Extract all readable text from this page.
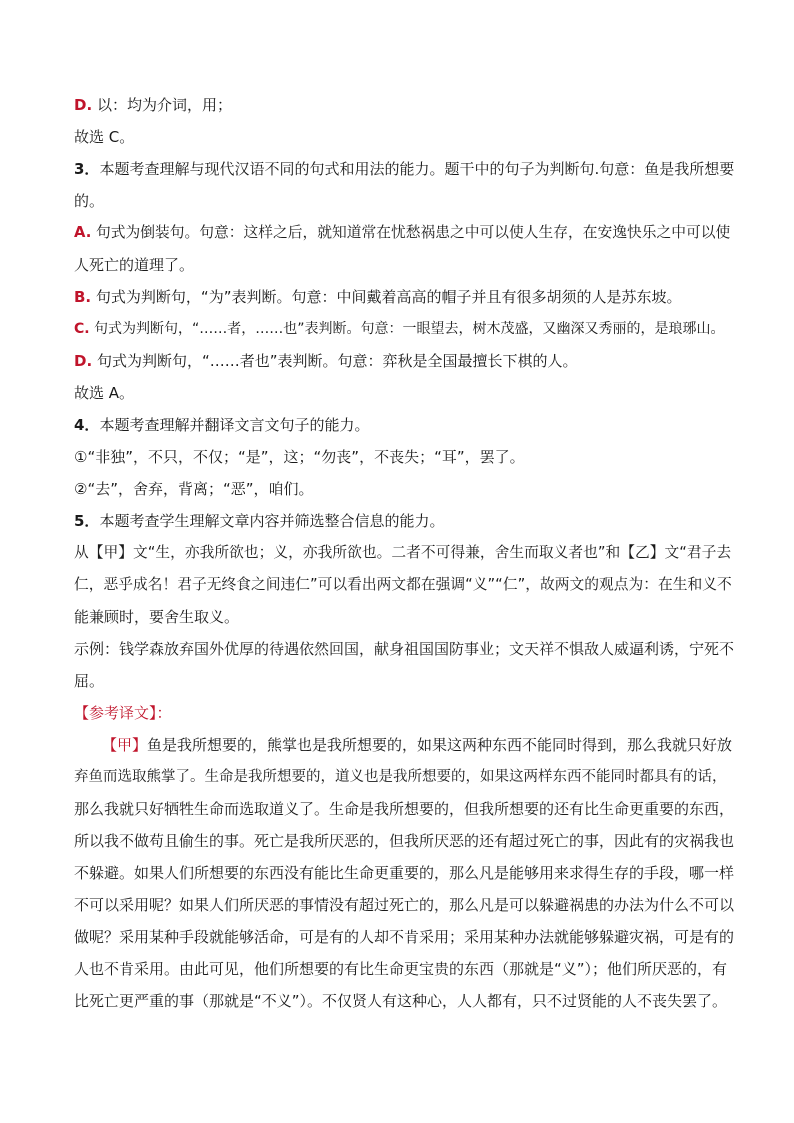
D. 以：均为介词，用；
故选 C。
3．本题考查理解与现代汉语不同的句式和用法的能力。题干中的句子为判断句.句意：鱼是我所想要
的。
A. 句式为倒装句。句意：这样之后，就知道常在忧愁祸患之中可以使人生存，在安逸快乐之中可以使
人死亡的道理了。
B. 句式为判断句，“为”表判断。句意：中间戴着高高的帽子并且有很多胡须的人是苏东坡。
C. 句式为判断句，“……者，……也”表判断。句意：一眼望去，树木茂盛，又幽深又秀丽的，是琅琊山。
D. 句式为判断句，“……者也”表判断。句意：弈秋是全国最擅长下棋的人。
故选 A。
4．本题考查理解并翻译文言文句子的能力。
①“非独”，不只，不仅；“是”，这；“勿丧”，不丧失；“耳”，罢了。
②“去”，舍弃，背离；“恶”，咱们。
5．本题考查学生理解文章内容并筛选整合信息的能力。
从【甲】文“生，亦我所欲也；义，亦我所欲也。二者不可得兼，舍生而取义者也”和【乙】文“君子去
仁，恶乎成名！君子无终食之间违仁”可以看出两文都在强调“义”“仁”，故两文的观点为：在生和义不
能兼顾时，要舍生取义。
示例：钱学森放弃国外优厚的待遇依然回国，献身祖国国防事业；文天祥不惧敌人威逼利诱，宁死不
屈。
【参考译文】：
【甲】鱼是我所想要的，熊掌也是我所想要的，如果这两种东西不能同时得到，那么我就只好放
弃鱼而选取熊掌了。生命是我所想要的，道义也是我所想要的，如果这两样东西不能同时都具有的话，
那么我就只好牺牲生命而选取道义了。生命是我所想要的，但我所想要的还有比生命更重要的东西，
所以我不做苟且偷生的事。死亡是我所厌恶的，但我所厌恶的还有超过死亡的事，因此有的灾祸我也
不躲避。如果人们所想要的东西没有能比生命更重要的，那么凡是能够用来求得生存的手段，哪一样
不可以采用呢？如果人们所厌恶的事情没有超过死亡的，那么凡是可以躲避祸患的办法为什么不可以
做呢？采用某种手段就能够活命，可是有的人却不肯采用；采用某种办法就能够躲避灾祸，可是有的
人也不肯采用。由此可见，他们所想要的有比生命更宝贵的东西（那就是“义”）；他们所厌恶的，有
比死亡更严重的事（那就是“不义”）。不仅贤人有这种心，人人都有，只不过贤能的人不丧失罢了。
